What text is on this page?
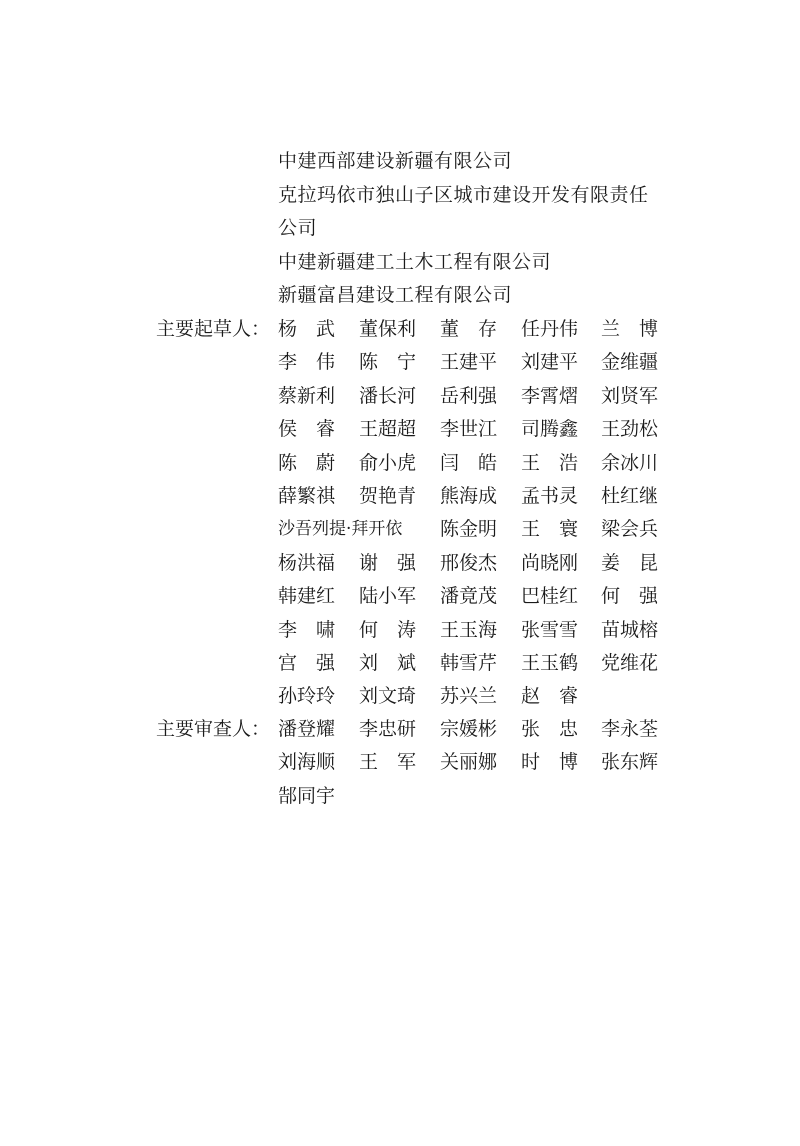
中建西部建设新疆有限公司
克拉玛依市独山子区城市建设开发有限责任
公司
中建新疆建工土木工程有限公司
新疆富昌建设工程有限公司
主要起草人： 杨　武 董保利 董　存 任丹伟 兰　博
李　伟 陈　宁 王建平 刘建平 金维疆
蔡新利 潘长河 岳利强 李霄熠 刘贤军
侯　睿 王超超 李世江 司腾鑫 王劲松
陈　蔚 俞小虎 闫　皓 王　浩 余冰川
薛繁祺 贺艳青 熊海成 孟书灵 杜红继
沙吾列提·拜开依 陈金明 王　寰 梁会兵
杨洪福 谢　强 邢俊杰 尚晓刚 姜　昆
韩建红 陆小军 潘竟茂 巴桂红 何　强
李　啸 何　涛 王玉海 张雪雪 苗城榕
宫　强 刘　斌 韩雪芹 王玉鹤 党维花
孙玲玲 刘文琦 苏兴兰 赵　睿
主要审查人： 潘登耀 李忠研 宗媛彬 张　忠 李永荃
刘海顺 王　军 关丽娜 时　博 张东辉
郜同宇
